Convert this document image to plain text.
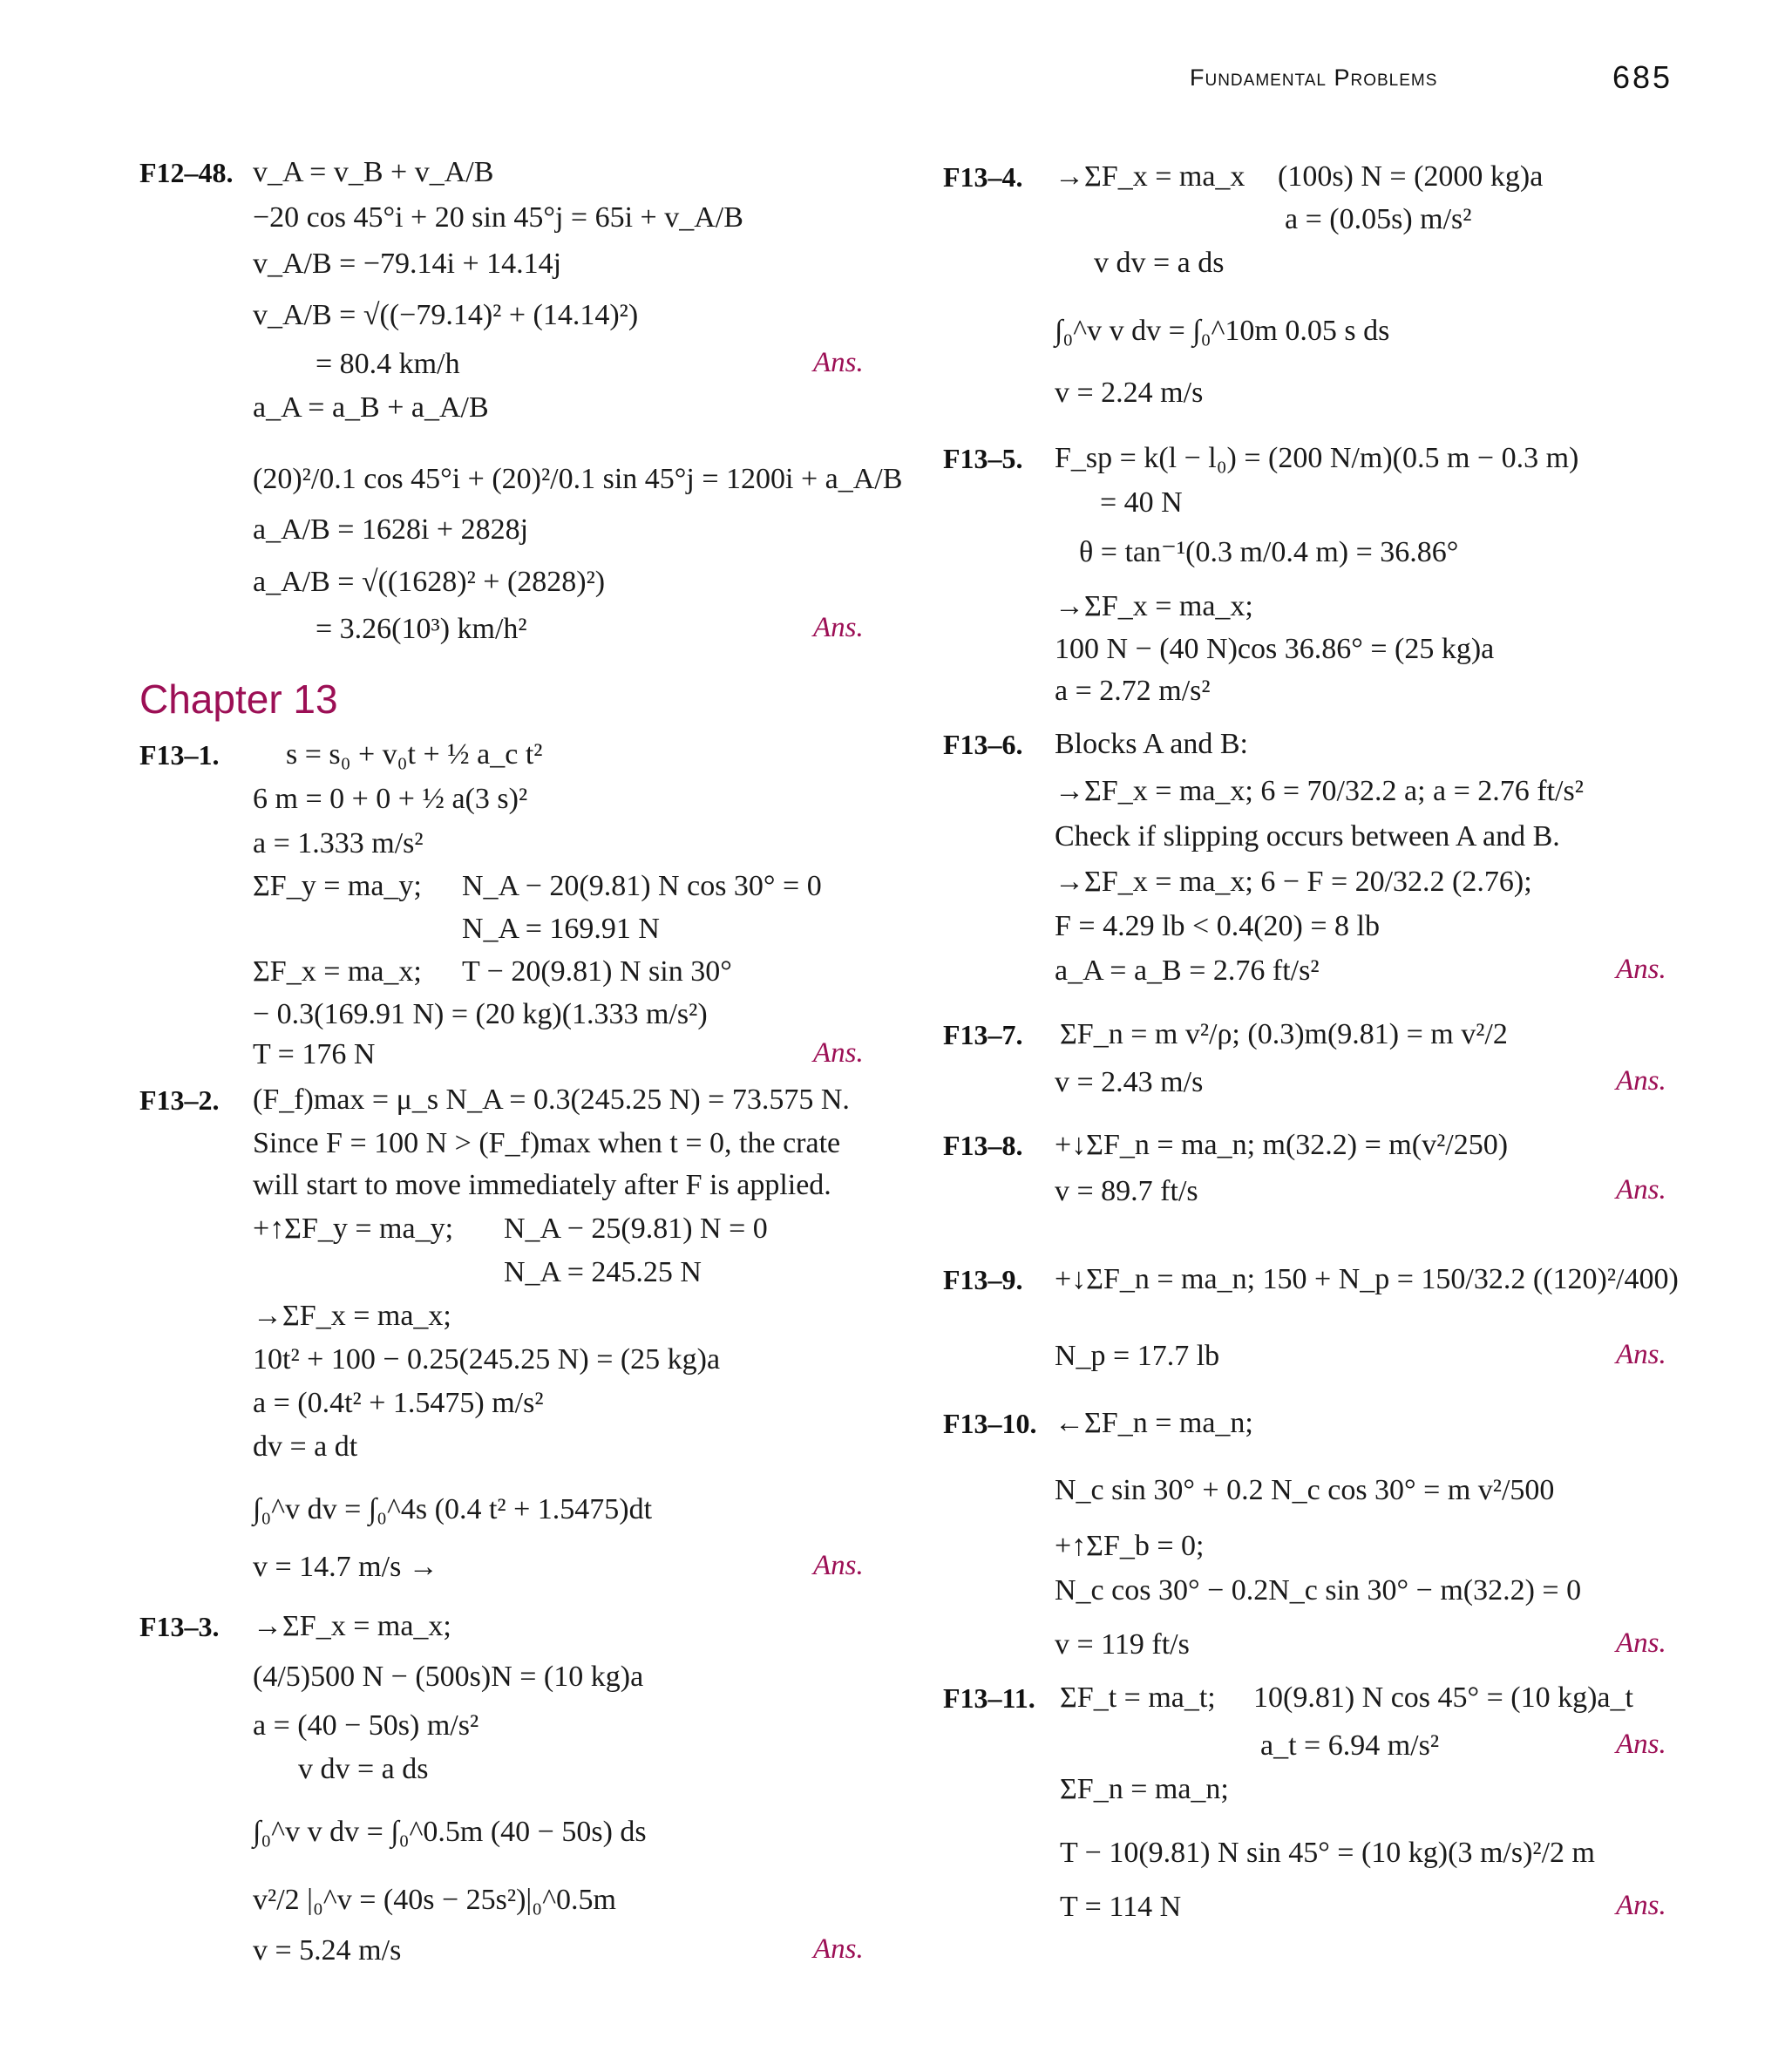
Fundamental Problems	685
F12–48. v_A = v_B + v_A/B
−20 cos 45°i + 20 sin 45°j = 65i + v_A/B
v_A/B = −79.14i + 14.14j
v_A/B = √((−79.14)² + (14.14)²)
= 80.4 km/h	Ans.
a_A = a_B + a_A/B
(20)²/0.1 cos 45°i + (20)²/0.1 sin 45°j = 1200i + a_A/B
a_A/B = 1628i + 2828j
a_A/B = √((1628)² + (2828)²)
= 3.26(10³) km/h²	Ans.
Chapter 13
F13–1. s = s₀ + v₀t + ½ a_c t²
6 m = 0 + 0 + ½ a(3 s)²
a = 1.333 m/s²
ΣF_y = ma_y; N_A − 20(9.81) N cos 30° = 0
N_A = 169.91 N
ΣF_x = ma_x; T − 20(9.81) N sin 30°
− 0.3(169.91 N) = (20 kg)(1.333 m/s²)
T = 176 N	Ans.
F13–2. (F_f)max = μ_s N_A = 0.3(245.25 N) = 73.575 N.
Since F = 100 N > (F_f)max when t = 0, the crate
will start to move immediately after F is applied.
+↑ΣF_y = ma_y; N_A − 25(9.81) N = 0
N_A = 245.25 N
→ΣF_x = ma_x;
10t² + 100 − 0.25(245.25 N) = (25 kg)a
a = (0.4t² + 1.5475) m/s²
dv = a dt
∫₀^v dv = ∫₀^4s (0.4 t² + 1.5475)dt
v = 14.7 m/s →	Ans.
F13–3. →ΣF_x = ma_x;
(4/5)500 N − (500s)N = (10 kg)a
a = (40 − 50s) m/s²
v dv = a ds
∫₀^v v dv = ∫₀^0.5m (40 − 50s) ds
v²/2 |₀^v = (40s − 25s²)|₀^0.5m
v = 5.24 m/s	Ans.
F13–4. →ΣF_x = ma_x (100s) N = (2000 kg)a
a = (0.05s) m/s²
v dv = a ds
∫₀^v v dv = ∫₀^10m 0.05 s ds
v = 2.24 m/s
F13–5. F_sp = k(l − l₀) = (200 N/m)(0.5 m − 0.3 m)
= 40 N
θ = tan⁻¹(0.3 m/0.4 m) = 36.86°
→ΣF_x = ma_x;
100 N − (40 N)cos 36.86° = (25 kg)a
a = 2.72 m/s²
F13–6. Blocks A and B:
→ΣF_x = ma_x; 6 = 70/32.2 a; a = 2.76 ft/s²
Check if slipping occurs between A and B.
→ΣF_x = ma_x; 6 − F = 20/32.2 (2.76);
F = 4.29 lb < 0.4(20) = 8 lb
a_A = a_B = 2.76 ft/s²	Ans.
F13–7. ΣF_n = m v²/ρ; (0.3)m(9.81) = m v²/2
v = 2.43 m/s	Ans.
F13–8. +↓ΣF_n = ma_n; m(32.2) = m(v²/250)
v = 89.7 ft/s	Ans.
F13–9. +↓ΣF_n = ma_n; 150 + N_p = 150/32.2 ((120)²/400)
N_p = 17.7 lb	Ans.
F13–10. ←ΣF_n = ma_n;
N_c sin 30° + 0.2 N_c cos 30° = m v²/500
+↑ΣF_b = 0;
N_c cos 30° − 0.2N_c sin 30° − m(32.2) = 0
v = 119 ft/s	Ans.
F13–11. ΣF_t = ma_t; 10(9.81) N cos 45° = (10 kg)a_t
a_t = 6.94 m/s²	Ans.
ΣF_n = ma_n;
T − 10(9.81) N sin 45° = (10 kg)(3 m/s)²/2 m
T = 114 N	Ans.
